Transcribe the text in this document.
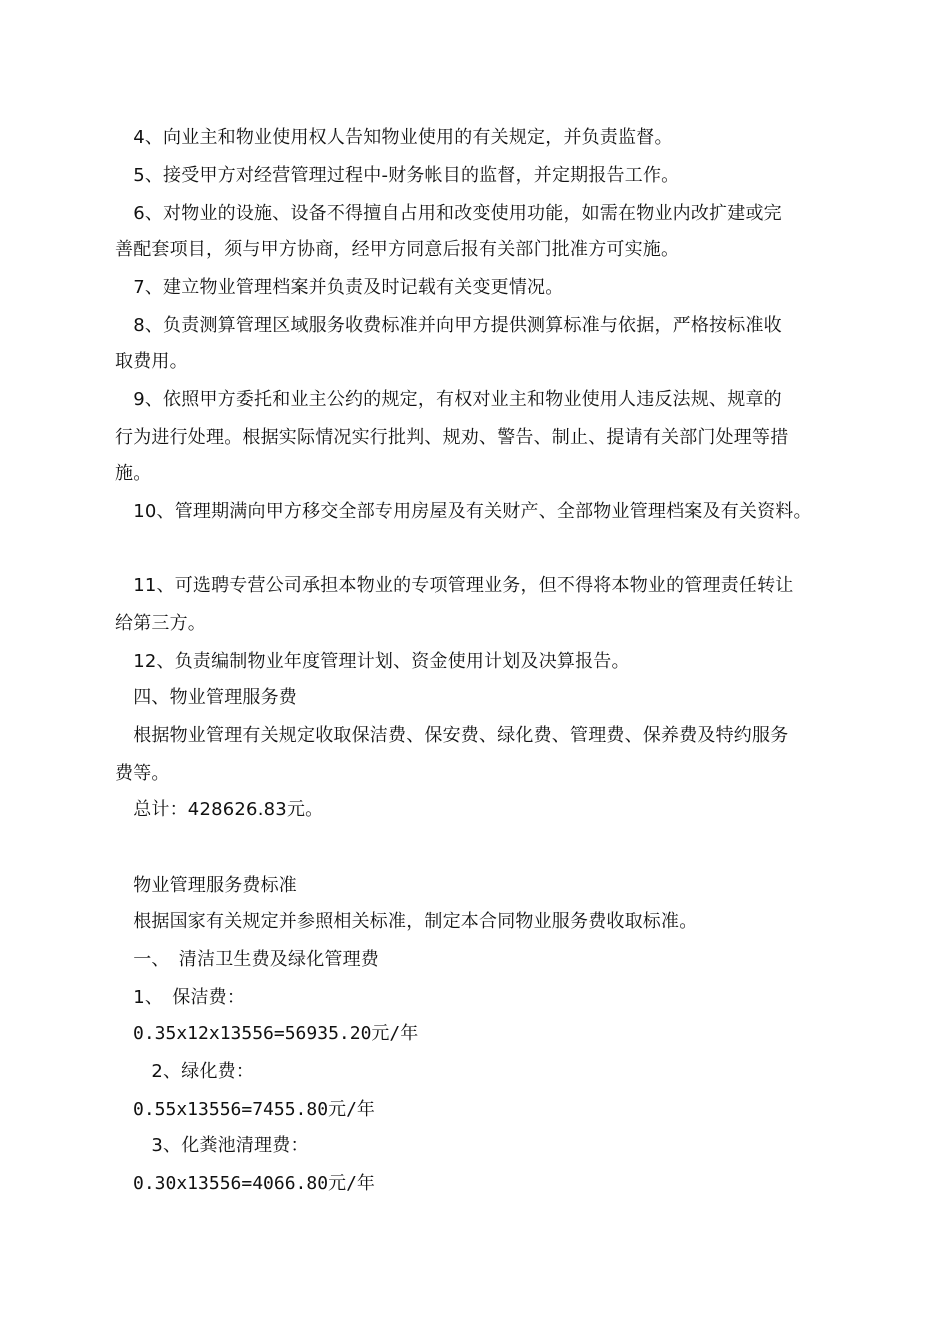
　4、向业主和物业使用权人告知物业使用的有关规定，并负责监督。
　5、接受甲方对经营管理过程中-财务帐目的监督，并定期报告工作。
　6、对物业的设施、设备不得擅自占用和改变使用功能，如需在物业内改扩建或完
善配套项目，须与甲方协商，经甲方同意后报有关部门批准方可实施。
　7、建立物业管理档案并负责及时记载有关变更情况。
　8、负责测算管理区域服务收费标准并向甲方提供测算标准与依据，严格按标准收
取费用。
　9、依照甲方委托和业主公约的规定，有权对业主和物业使用人违反法规、规章的
行为进行处理。根据实际情况实行批判、规劝、警告、制止、提请有关部门处理等措
施。
　10、管理期满向甲方移交全部专用房屋及有关财产、全部物业管理档案及有关资料。
　11、可选聘专营公司承担本物业的专项管理业务，但不得将本物业的管理责任转让
给第三方。
　12、负责编制物业年度管理计划、资金使用计划及决算报告。
　四、物业管理服务费
　根据物业管理有关规定收取保洁费、保安费、绿化费、管理费、保养费及特约服务
费等。
　总计：428626.83元。
　物业管理服务费标准
　根据国家有关规定并参照相关标准，制定本合同物业服务费收取标准。
　一、　清洁卫生费及绿化管理费
　1、　保洁费：
　0.35x12x13556=56935.20元/年
　　2、绿化费：
　0.55x13556=7455.80元/年
　　3、化粪池清理费：
　0.30x13556=4066.80元/年
